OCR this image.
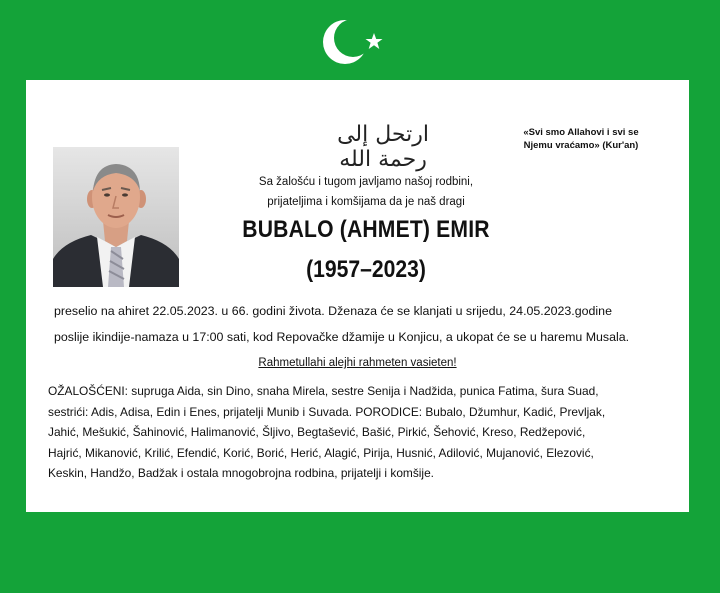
ارتحل إلى رحمة الله
«Svi smo Allahovi i svi se
Njemu vraćamo» (Kur'an)
Sa žalošću i tugom javljamo našoj rodbini,
prijateljima i komšijama da je naš dragi
BUBALO (AHMET) EMIR
(1957–2023)
preselio na ahiret 22.05.2023. u 66. godini života. Dženaza će se klanjati u srijedu, 24.05.2023.godine
poslije ikindije-namaza u 17:00 sati, kod Repovačke džamije u Konjicu, a ukopat će se u haremu Musala.
Rahmetullahi alejhi rahmeten vasieten!
OŽALOŠĆENI: supruga Aida, sin Dino, snaha Mirela, sestre Senija i Nadžida, punica Fatima, šura Suad,
sestrići: Adis, Adisa, Edin i Enes, prijatelji Munib i Suvada. PORODICE: Bubalo, Džumhur, Kadić, Prevljak,
Jahić, Mešukić, Šahinović, Halimanović, Šljivo, Begtašević, Bašić, Pirkić, Šehović, Kreso, Redžepović,
Hajrić, Mikanović, Krilić, Efendić, Korić, Borić, Herić, Alagić, Pirija, Husnić, Adilović, Mujanović, Elezović,
Keskin, Handžo, Badžak i ostala mnogobrojna rodbina, prijatelji i komšije.
